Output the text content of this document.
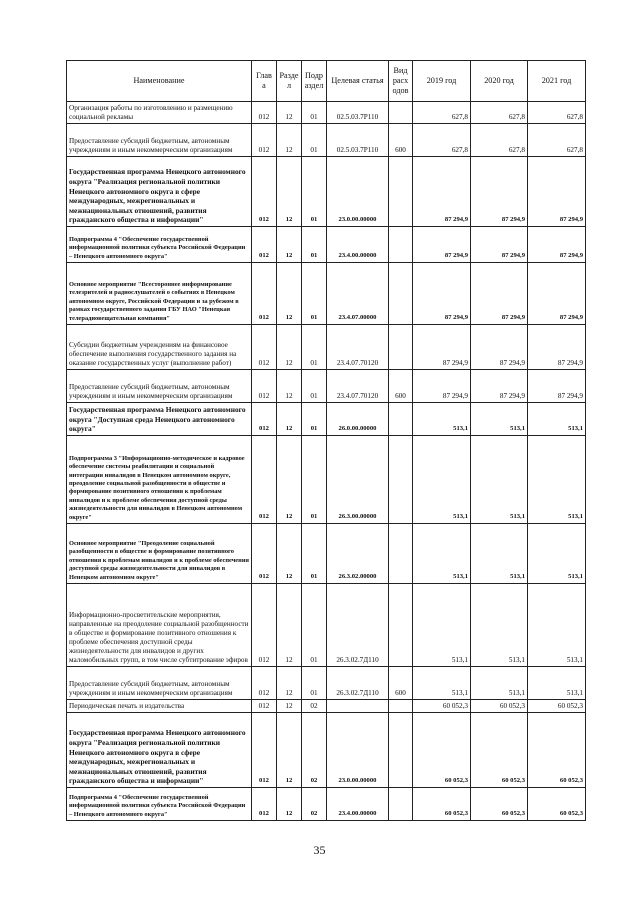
Наименование	Глав а	Разде л	Подр аздел	Целевая статья	Вид расх одов	2019 год	2020 год	2021 год
Организация работы по изготовлению и размещению социальной рекламы	012	12	01	02.5.03.7Р110		627,8	627,8	627,8
Предоставление субсидий бюджетным, автономным учреждениям и иным некоммерческим организациям	012	12	01	02.5.03.7Р110	600	627,8	627,8	627,8
Государственная программа Ненецкого автономного округа "Реализация региональной политики Ненецкого автономного округа в сфере международных, межрегиональных и межнациональных отношений, развития гражданского общества и информации"	012	12	01	23.0.00.00000		87 294,9	87 294,9	87 294,9
Подпрограмма 4 "Обеспечение государственной информационной политики субъекта Российской Федерации – Ненецкого автономного округа"	012	12	01	23.4.00.00000		87 294,9	87 294,9	87 294,9
Основное мероприятие "Всестороннее информирование телезрителей и радиослушателей о событиях в Ненецком автономном округе, Российской Федерации и за рубежом в рамках государственного задания ГБУ НАО "Ненецкая телерадиовещательная компания"	012	12	01	23.4.07.00000		87 294,9	87 294,9	87 294,9
Субсидии бюджетным учреждениям на финансовое обеспечение выполнения государственного задания на оказание государственных услуг (выполнение работ)	012	12	01	23.4.07.70120		87 294,9	87 294,9	87 294,9
Предоставление субсидий бюджетным, автономным учреждениям и иным некоммерческим организациям	012	12	01	23.4.07.70120	600	87 294,9	87 294,9	87 294,9
Государственная программа Ненецкого автономного округа "Доступная среда Ненецкого автономного округа"	012	12	01	26.0.00.00000		513,1	513,1	513,1
Подпрограмма 3 "Информационно-методическое и кадровое обеспечение системы реабилитации и социальной интеграции инвалидов в Ненецком автономном округе, преодоление социальной разобщенности в обществе и формирование позитивного отношения к проблемам инвалидов и к проблеме обеспечения доступной среды жизнедеятельности для инвалидов в Ненецком автономном округе"	012	12	01	26.3.00.00000		513,1	513,1	513,1
Основное мероприятие "Преодоление социальной разобщенности в обществе и формирование позитивного отношения к проблемам инвалидов и к проблеме обеспечения доступной среды жизнедеятельности для инвалидов в Ненецком автономном округе"	012	12	01	26.3.02.00000		513,1	513,1	513,1
Информационно-просветительские мероприятия, направленные на преодоление социальной разобщенности в обществе и формирование позитивного отношения к проблеме обеспечения доступной среды жизнедеятельности для инвалидов и других маломобильных групп, в том числе субтитрование эфиров	012	12	01	26.3.02.7Д110		513,1	513,1	513,1
Предоставление субсидий бюджетным, автономным учреждениям и иным некоммерческим организациям	012	12	01	26.3.02.7Д110	600	513,1	513,1	513,1
Периодическая печать и издательства	012	12	02			60 052,3	60 052,3	60 052,3
Государственная программа Ненецкого автономного округа "Реализация региональной политики Ненецкого автономного округа в сфере международных, межрегиональных и межнациональных отношений, развития гражданского общества и информации"	012	12	02	23.0.00.00000		60 052,3	60 052,3	60 052,3
Подпрограмма 4 "Обеспечение государственной информационной политики субъекта Российской Федерации – Ненецкого автономного округа"	012	12	02	23.4.00.00000		60 052,3	60 052,3	60 052,3
35
